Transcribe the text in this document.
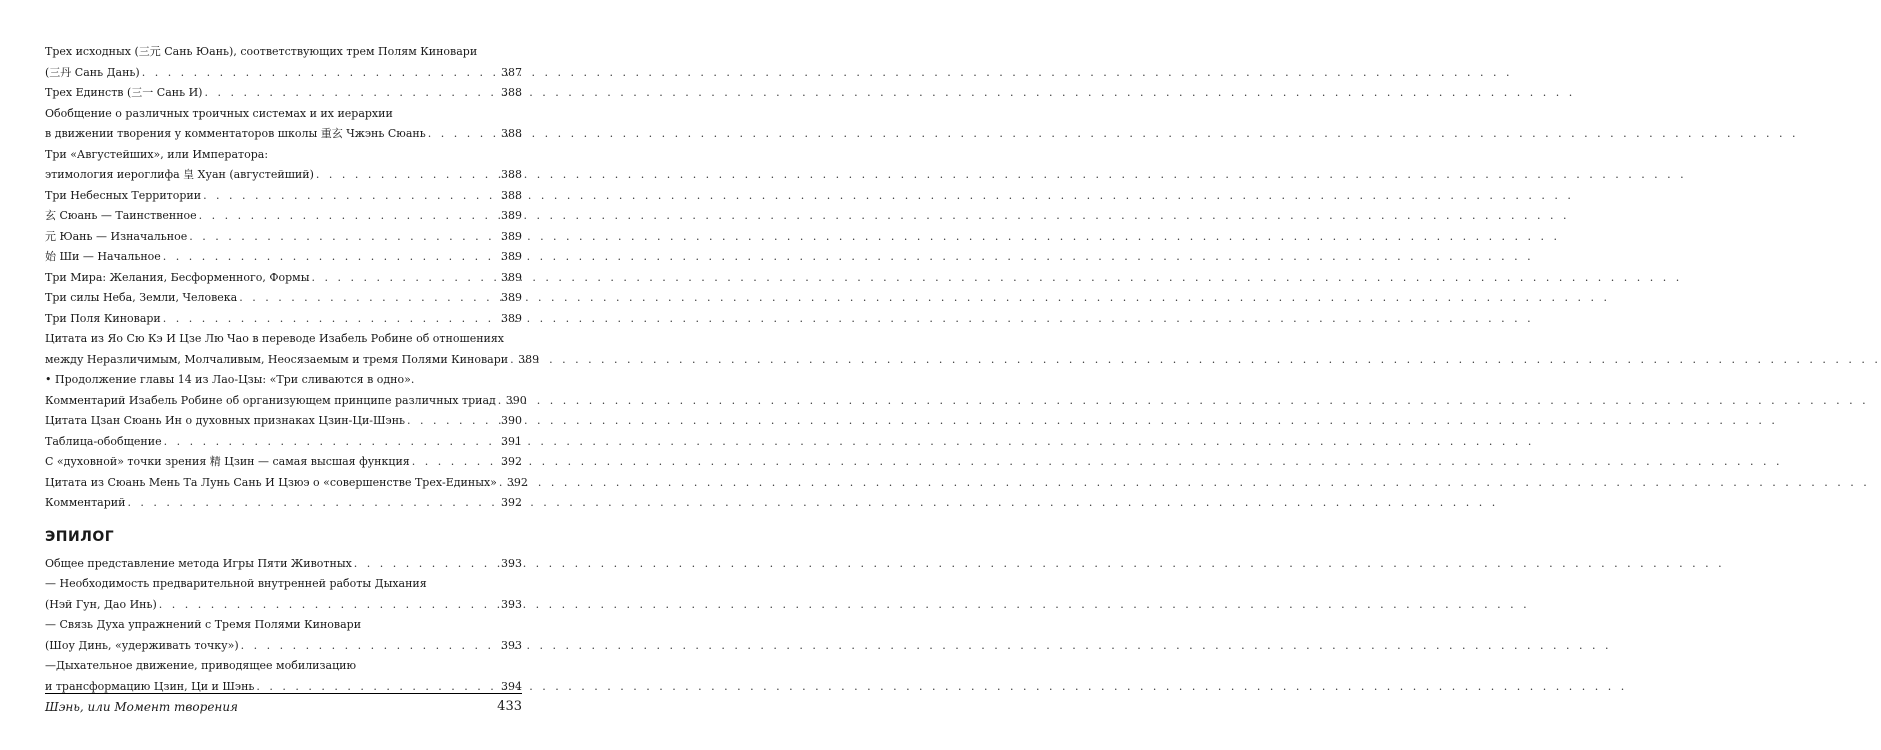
Трех исходных (三元 Сань Юань), соответствующих трем Полям Киновари
(三丹 Сань Дань) . . .	387
Трех Единств (三一 Сань И) . . .	388
Обобщение о различных троичных системах и их иерархии
в движении творения у комментаторов школы 重玄 Чжэнь Сюань . . .	388
Три «Августейших», или Императора:
этимология иероглифа 皇 Хуан (августейший) . . .	388
Три Небесных Территории . . .	388
玄 Сюань — Таинственное . . .	389
元 Юань — Изначальное . . .	389
始 Ши — Начальное . . .	389
Три Мира: Желания, Бесформенного, Формы . . .	389
Три силы Неба, Земли, Человека . . .	389
Три Поля Киновари . . .	389
Цитата из Яо Сю Кэ И Цзе Лю Чао в переводе Изабель Робине об отношениях
между Неразличимым, Молчаливым, Неосязаемым и тремя Полями Киновари . . . 389
• Продолжение главы 14 из Лао-Цзы: «Три сливаются в одно».
Комментарий Изабель Робине об организующем принципе различных триад . . . 390
Цитата Цзан Сюань Ин о духовных признаках Цзин-Ци-Шэнь . . .	390
Таблица-обобщение . . .	391
С «духовной» точки зрения 精 Цзин — самая высшая функция . . .	392
Цитата из Сюань Мень Та Лунь Сань И Цзюэ о «совершенстве Трех-Единых» . . . 392
Комментарий . . .	392
ЭПИЛОГ
Общее представление метода Игры Пяти Животных . . .	393
— Необходимость предварительной внутренней работы Дыхания
(Нэй Гун, Дао Инь) . . .	393
— Связь Духа упражнений с Тремя Полями Киновари
(Шоу Динь, «удерживать точку») . . .	393
—Дыхательное движение, приводящее мобилизацию
и трансформацию Цзин, Ци и Шэнь . . .	394
Шэнь, или Момент творения	433
